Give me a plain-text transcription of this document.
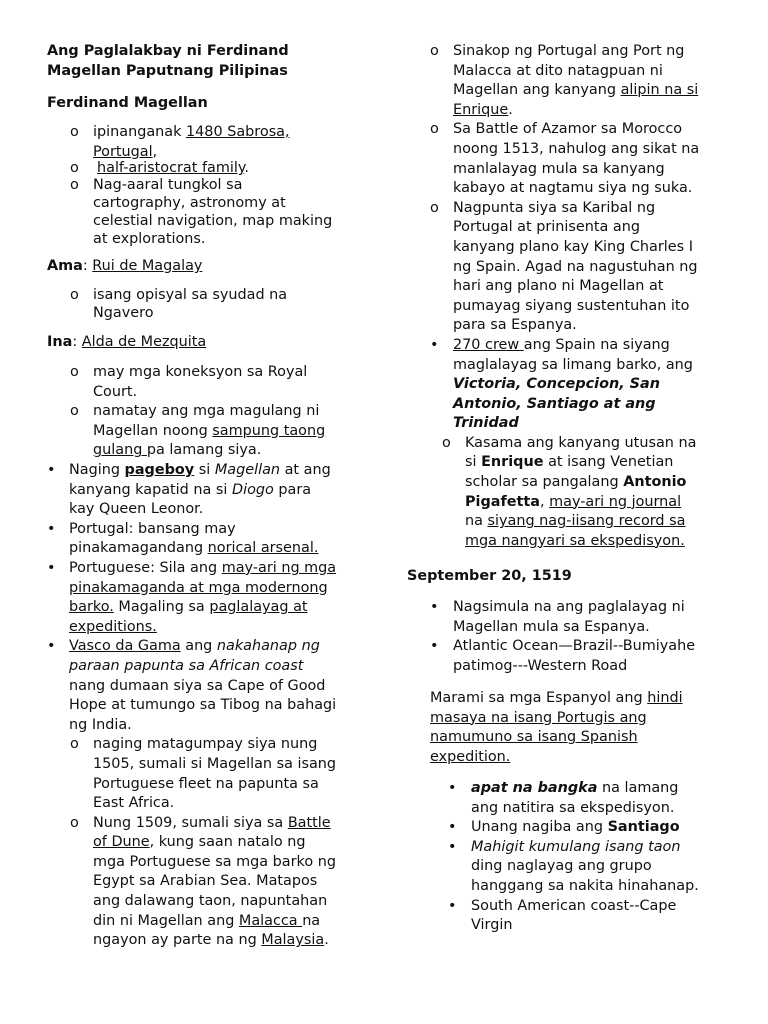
Ang Paglalakbay ni Ferdinand
Magellan Paputnang Pilipinas

Ferdinand Magellan

o ipinanganak 1480 Sabrosa,
Portugal,
o half-aristocrat family.
o Nag-aaral tungkol sa
cartography, astronomy at
celestial navigation, map making
at explorations.

Ama: Rui de Magalay

o isang opisyal sa syudad na
Ngavero

Ina: Alda de Mezquita

o may mga koneksyon sa Royal
Court.
o namatay ang mga magulang ni
Magellan noong sampung taong
gulang pa lamang siya.
• Naging pageboy si Magellan at ang
kanyang kapatid na si Diogo para
kay Queen Leonor.
• Portugal: bansang may
pinakamagandang norical arsenal.
• Portuguese: Sila ang may-ari ng mga
pinakamaganda at mga modernong
barko. Magaling sa paglalayag at
expeditions.
• Vasco da Gama ang nakahanap ng
paraan papunta sa African coast
nang dumaan siya sa Cape of Good
Hope at tumungo sa Tibog na bahagi
ng India.
o naging matagumpay siya nung
1505, sumali si Magellan sa isang
Portuguese fleet na papunta sa
East Africa.
o Nung 1509, sumali siya sa Battle
of Dune, kung saan natalo ng
mga Portuguese sa mga barko ng
Egypt sa Arabian Sea. Matapos
ang dalawang taon, napuntahan
din ni Magellan ang Malacca na
ngayon ay parte na ng Malaysia.
o Sinakop ng Portugal ang Port ng
Malacca at dito natagpuan ni
Magellan ang kanyang alipin na si
Enrique.
o Sa Battle of Azamor sa Morocco
noong 1513, nahulog ang sikat na
manlalayag mula sa kanyang
kabayo at nagtamu siya ng suka.
o Nagpunta siya sa Karibal ng
Portugal at prinisenta ang
kanyang plano kay King Charles I
ng Spain. Agad na nagustuhan ng
hari ang plano ni Magellan at
pumayag siyang sustentuhan ito
para sa Espanya.
• 270 crew ang Spain na siyang
maglalayag sa limang barko, ang
Victoria, Concepcion, San
Antonio, Santiago at ang
Trinidad
o Kasama ang kanyang utusan na
si Enrique at isang Venetian
scholar sa pangalang Antonio
Pigafetta, may-ari ng journal
na siyang nag-iisang record sa
mga nangyari sa ekspedisyon.

September 20, 1519

• Nagsimula na ang paglalayag ni
Magellan mula sa Espanya.
• Atlantic Ocean—Brazil--Bumiyahe
patimog---Western Road

Marami sa mga Espanyol ang hindi
masaya na isang Portugis ang
namumuno sa isang Spanish
expedition.

• apat na bangka na lamang
ang natitira sa ekspedisyon.
• Unang nagiba ang Santiago
• Mahigit kumulang isang taon
ding naglayag ang grupo
hanggang sa nakita hinahanap.
• South American coast--Cape
Virgin
